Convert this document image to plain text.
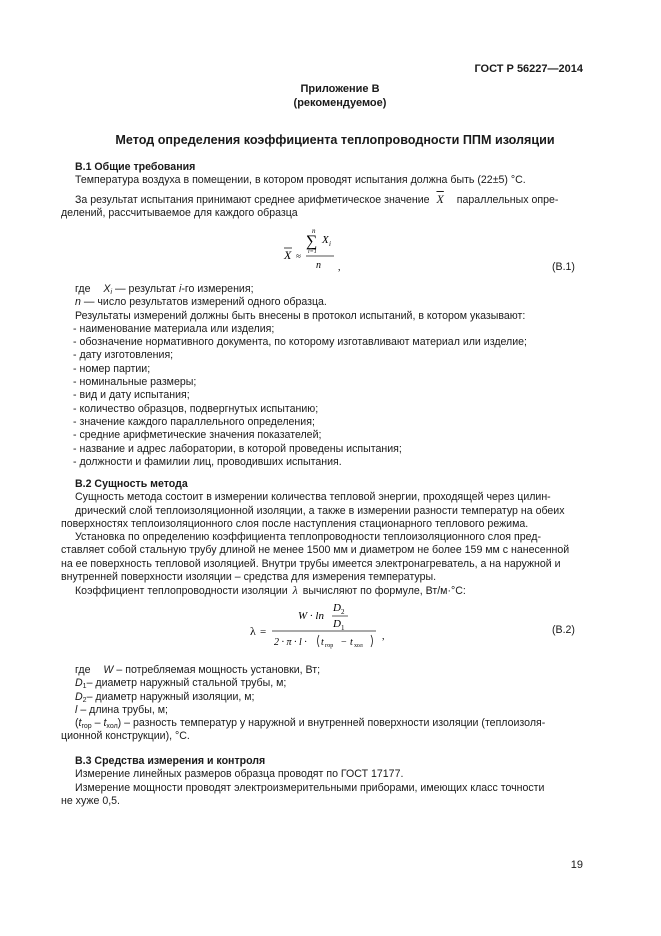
ГОСТ Р 56227—2014
Приложение В
(рекомендуемое)
Метод определения коэффициента теплопроводности ППМ изоляции

В.1 Общие требования

Температура воздуха в помещении, в котором проводят испытания должна быть (22±5) °С.

За результат испытания принимают среднее арифметическое значение $\overline{X}$ параллельных опре-

делений, рассчитываемое для каждого образца

X ≈
n
∑
i=1
X i
n ,	(В.1)

где $X_i$ — результат i-го измерения;

n — число результатов измерений одного образца.

Результаты измерений должны быть внесены в протокол испытаний, в котором указывают:

- наименование материала или изделия;

- обозначение нормативного документа, по которому изготавливают материал или изделие;

- дату изготовления;

- номер партии;

- номинальные размеры;

- вид и дату испытания;

- количество образцов, подвергнутых испытанию;

- значение каждого параллельного определения;

- средние арифметические значения показателей;

- название и адрес лаборатории, в которой проведены испытания;

- должности и фамилии лиц, проводивших испытания.

В.2 Сущность метода

Сущность метода состоит в измерении количества тепловой энергии, проходящей через цилин-

дрический слой теплоизоляционной изоляции, а также в измерении разности температур на обеих

поверхностях теплоизоляционного слоя после наступления стационарного теплового режима.

Установка по определению коэффициента теплопроводности теплоизоляционного слоя пред-

ставляет собой стальную трубу длиной не менее 1500 мм и диаметром не более 159 мм с нанесенной

на ее поверхность тепловой изоляцией. Внутри трубы имеется электронагреватель, а на наружной и

внутренней поверхности изоляции – средства для измерения температуры.

Коэффициент теплопроводности изоляции λ вычисляют по формуле, Вт/м·°С:

λ =
W · ln
D 2
D 1
2 · π · l · t гор − t хол
,
(В.2)

где W – потребляемая мощность установки, Вт;

$D_1-$ диаметр наружный стальной трубы, м;

$D_2-$ диаметр наружный изоляции, м;

l – длина трубы, м;

$(t_{гор} - t_{хол})$ – разность температур у наружной и внутренней поверхности изоляции (теплоизоля-

ционной конструкции), °С.

В.3 Средства измерения и контроля

Измерение линейных размеров образца проводят по ГОСТ 17177.

Измерение мощности проводят электроизмерительными приборами, имеющих класс точности

не хуже 0,5.

19
